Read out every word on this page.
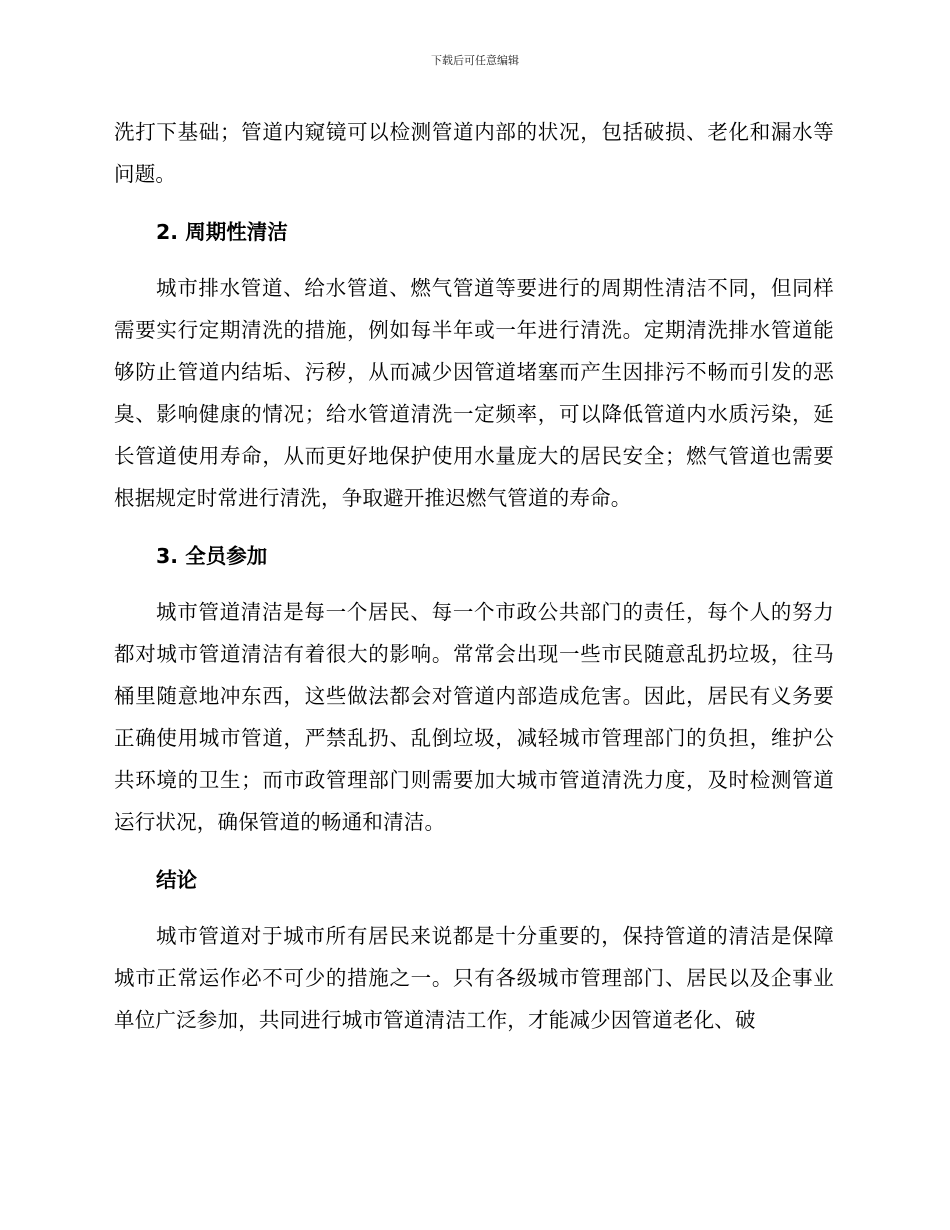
下载后可任意编辑

洗打下基础；管道内窥镜可以检测管道内部的状况，包括破损、老化和漏水等问题。

2. 周期性清洁

城市排水管道、给水管道、燃气管道等要进行的周期性清洁不同，但同样需要实行定期清洗的措施，例如每半年或一年进行清洗。定期清洗排水管道能够防止管道内结垢、污秽，从而减少因管道堵塞而产生因排污不畅而引发的恶臭、影响健康的情况；给水管道清洗一定频率，可以降低管道内水质污染，延长管道使用寿命，从而更好地保护使用水量庞大的居民安全；燃气管道也需要根据规定时常进行清洗，争取避开推迟燃气管道的寿命。

3. 全员参加

城市管道清洁是每一个居民、每一个市政公共部门的责任，每个人的努力都对城市管道清洁有着很大的影响。常常会出现一些市民随意乱扔垃圾，往马桶里随意地冲东西，这些做法都会对管道内部造成危害。因此，居民有义务要正确使用城市管道，严禁乱扔、乱倒垃圾，减轻城市管理部门的负担，维护公共环境的卫生；而市政管理部门则需要加大城市管道清洗力度，及时检测管道运行状况，确保管道的畅通和清洁。

结论

城市管道对于城市所有居民来说都是十分重要的，保持管道的清洁是保障城市正常运作必不可少的措施之一。只有各级城市管理部门、居民以及企事业单位广泛参加，共同进行城市管道清洁工作，才能减少因管道老化、破
